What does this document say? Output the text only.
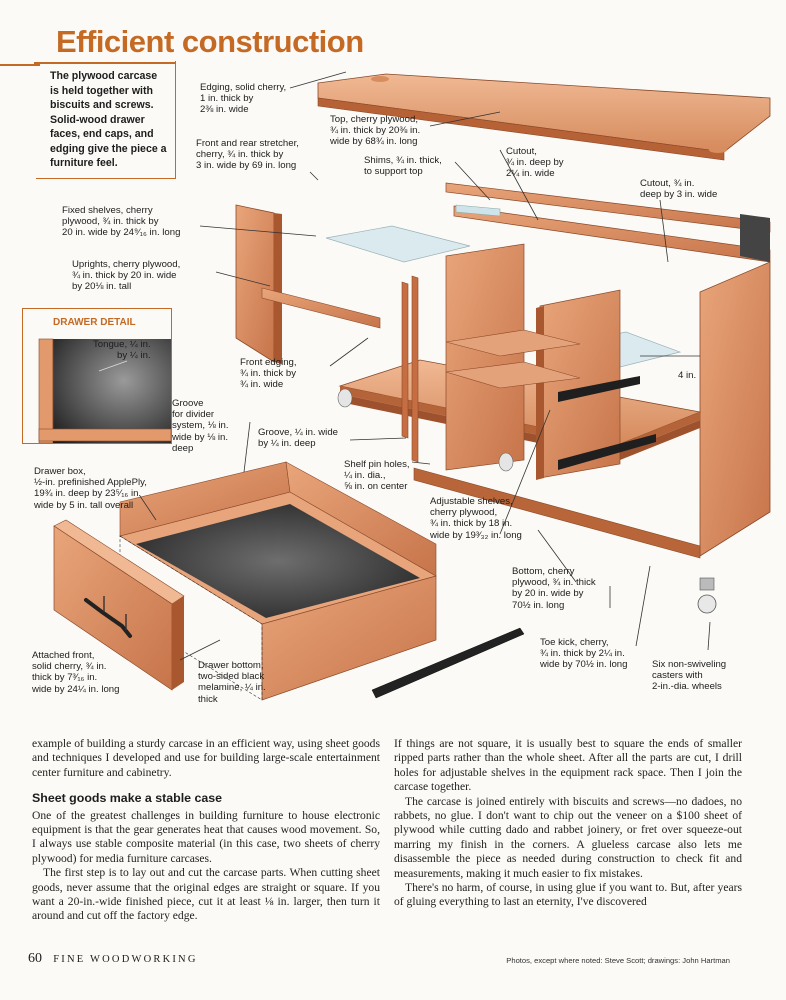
Efficient construction
The plywood carcase is held together with biscuits and screws. Solid-wood drawer faces, end caps, and edging give the piece a furniture feel.
DRAWER DETAIL
Tongue, ¼ in.
by ¼ in.
Edging, solid cherry,
1 in. thick by
2⅜ in. wide
Top, cherry plywood,
¾ in. thick by 20⅜ in.
wide by 68¾ in. long
Front and rear stretcher,
cherry, ¾ in. thick by
3 in. wide by 69 in. long	Shims, ¾ in. thick,
to support top
Cutout,
¾ in. deep by
2¼ in. wide
Cutout, ¾ in.
deep by 3 in. wide
Fixed shelves, cherry
plywood, ¾ in. thick by
20 in. wide by 24⁹⁄₁₆ in. long
Uprights, cherry plywood,
¾ in. thick by 20 in. wide
by 20⅛ in. tall
Front edging,
¾ in. thick by
¾ in. wide
4 in.
Groove
for divider
system, ⅛ in.
wide by ⅛ in.
deep
Groove, ¼ in. wide
by ¼ in. deep
Shelf pin holes,
¼ in. dia.,
⅝ in. on center
Drawer box,
½-in. prefinished ApplePly,
19¾ in. deep by 23⁵⁄₁₆ in.
wide by 5 in. tall overall	Adjustable shelves,
cherry plywood,
¾ in. thick by 18 in.
wide by 19³⁄₃₂ in. long
Bottom, cherry
plywood, ¾ in. thick
by 20 in. wide by
70½ in. long
Attached front,
solid cherry, ¾ in.
thick by 7³⁄₁₆ in.
wide by 24¼ in. long
Drawer bottom,
two-sided black
melamine, ¼ in.
thick
Toe kick, cherry,
¾ in. thick by 2¼ in.
wide by 70½ in. long	Six non-swiveling
casters with
2-in.-dia. wheels

example of building a sturdy carcase in an efficient way, using sheet goods and techniques I developed and use for building large-scale entertainment center furniture and cabinetry.

Sheet goods make a stable case

One of the greatest challenges in building furniture to house electronic equipment is that the gear generates heat that causes wood movement. So, I always use stable composite material (in this case, two sheets of cherry plywood) for media furniture carcases.

The first step is to lay out and cut the carcase parts. When cutting sheet goods, never assume that the original edges are straight or square. If you want a 20-in.-wide finished piece, cut it at least ⅛ in. larger, then turn it around and cut off the factory edge.

If things are not square, it is usually best to square the ends of smaller ripped parts rather than the whole sheet. After all the parts are cut, I drill holes for adjustable shelves in the equipment rack space. Then I join the carcase together.

The carcase is joined entirely with biscuits and screws—no dadoes, no rabbets, no glue. I don't want to chip out the veneer on a $100 sheet of plywood while cutting dado and rabbet joinery, or fret over squeeze-out marring my finish in the corners. A glueless carcase also lets me disassemble the piece as needed during construction to check fit and measurements, making it much easier to fix mistakes.

There's no harm, of course, in using glue if you want to. But, after years of gluing everything to last an eternity, I've discovered

60 FINE WOODWORKING	Photos, except where noted: Steve Scott; drawings: John Hartman
